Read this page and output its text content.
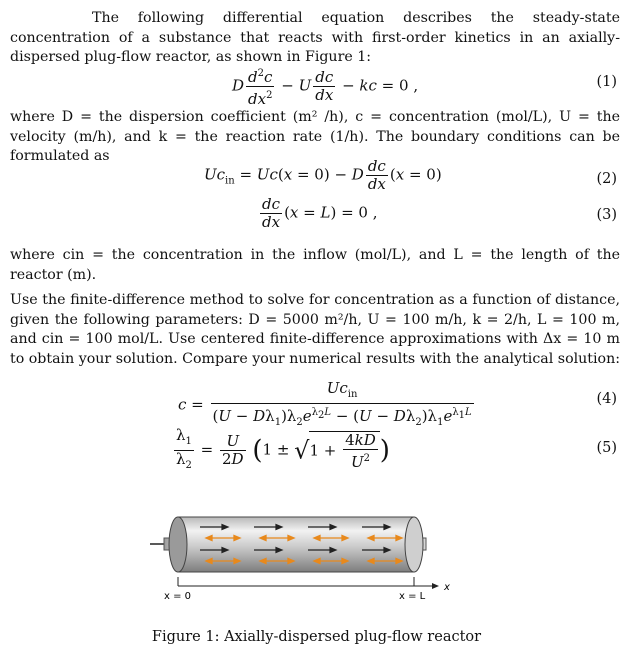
The following differential equation describes the steady-state concentration of a substance that reacts with first-order kinetics in an axially-dispersed plug-flow reactor, as shown in Figure 1:
D $\frac{d^2c}{dx^2} - U \frac{dc}{dx}$ − kc = 0 ,	(1)
where D = the dispersion coefficient (m² /h), c = concentration (mol/L), U = the velocity (m/h), and k = the reaction rate (1/h). The boundary conditions can be formulated as
$Uc_{in} = Uc(x = 0) - D \frac{dc}{dx} (x = 0)$	(2)
$\frac{dc}{dx} (x = L) = 0$ ,	(3)
where cin = the concentration in the inflow (mol/L), and L = the length of the reactor (m).
Use the finite-difference method to solve for concentration as a function of distance, given the following parameters: D = 5000 m²/h, U = 100 m/h, k = 2/h, L = 100 m, and cin = 100 mol/L. Use centered finite-difference approximations with Δx = 10 m to obtain your solution. Compare your numerical results with the analytical solution:
$c = \frac{Uc_{in}}{(U - D\lambda_1)\lambda_2e^{\lambda_2L} - (U - D\lambda_2)\lambda_1e^{\lambda_1L}}$	(4)
$\frac{\lambda_1}{\lambda_2} = \frac{U}{2D} (1 \pm √1 + \frac{4kD}{U^2}$ )	(5)
x
x = 0	x = L
Figure 1: Axially-dispersed plug-flow reactor
